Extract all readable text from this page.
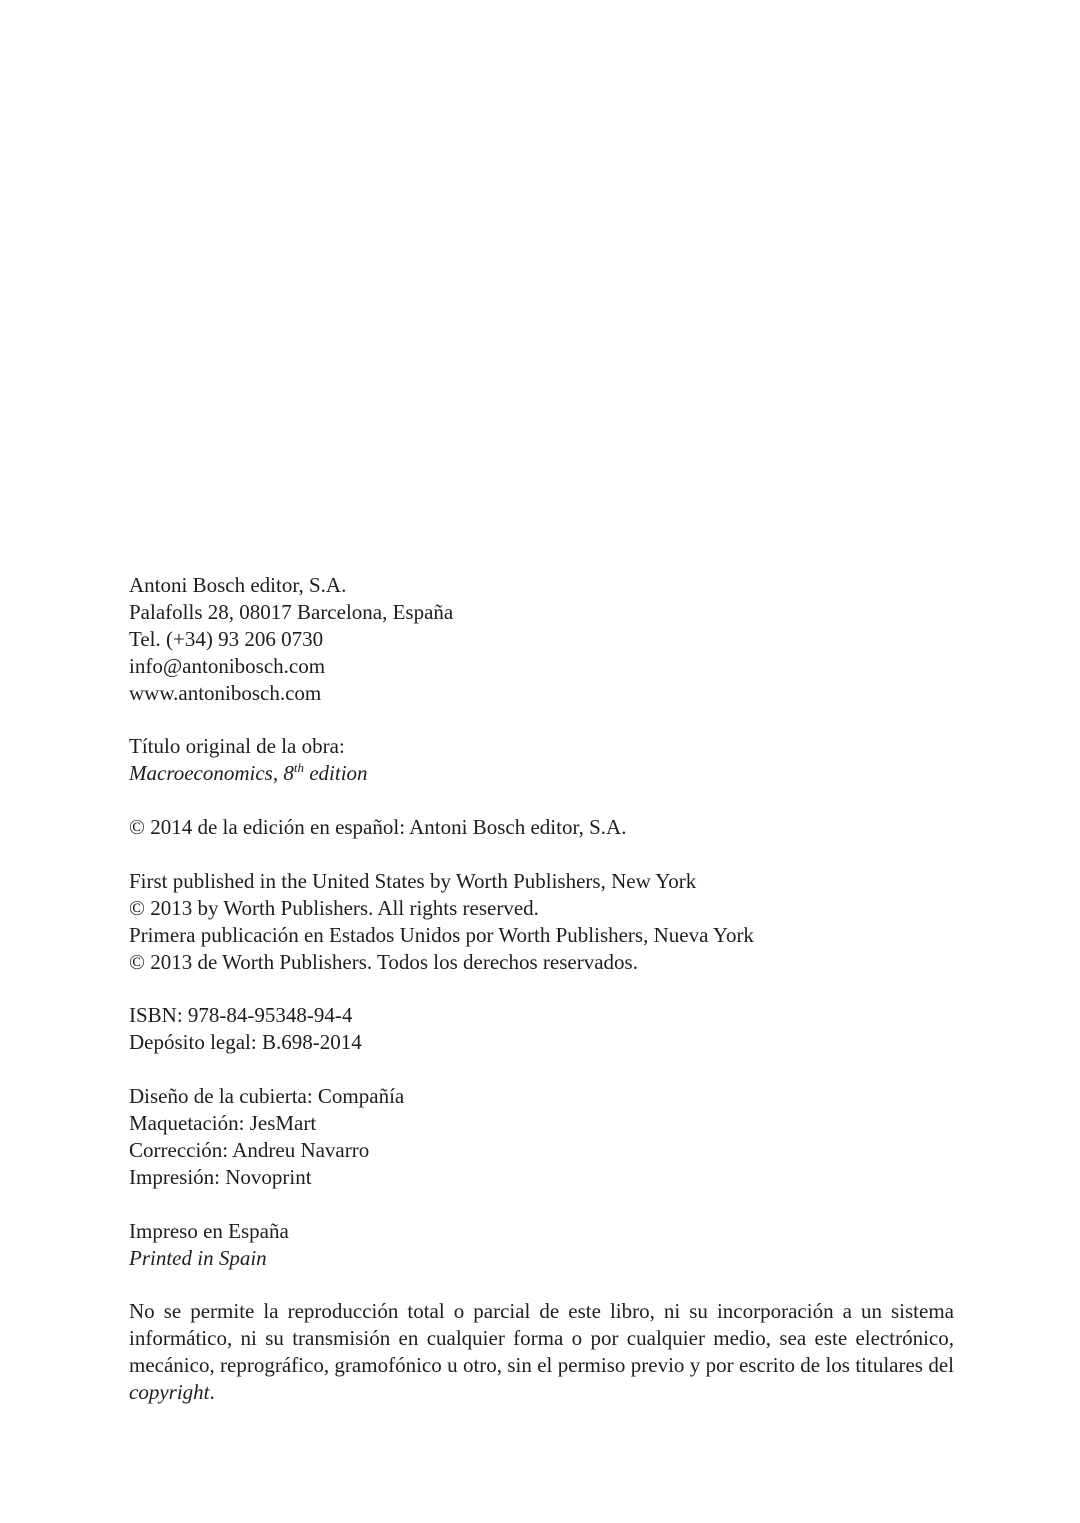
Antoni Bosch editor, S.A.
Palafolls 28, 08017 Barcelona, España
Tel. (+34) 93 206 0730
info@antonibosch.com
www.antonibosch.com
Título original de la obra:
Macroeconomics, 8th edition
© 2014 de la edición en español: Antoni Bosch editor, S.A.
First published in the United States by Worth Publishers, New York
© 2013 by Worth Publishers. All rights reserved.
Primera publicación en Estados Unidos por Worth Publishers, Nueva York
© 2013 de Worth Publishers. Todos los derechos reservados.
ISBN: 978-84-95348-94-4
Depósito legal: B.698-2014
Diseño de la cubierta: Compañía
Maquetación: JesMart
Corrección: Andreu Navarro
Impresión: Novoprint
Impreso en España
Printed in Spain

No se permite la reproducción total o parcial de este libro, ni su incorporación a un sistema informático, ni su transmisión en cualquier forma o por cualquier medio, sea este electrónico, mecánico, reprográfico, gramofónico u otro, sin el permiso previo y por escrito de los titulares del copyright.
